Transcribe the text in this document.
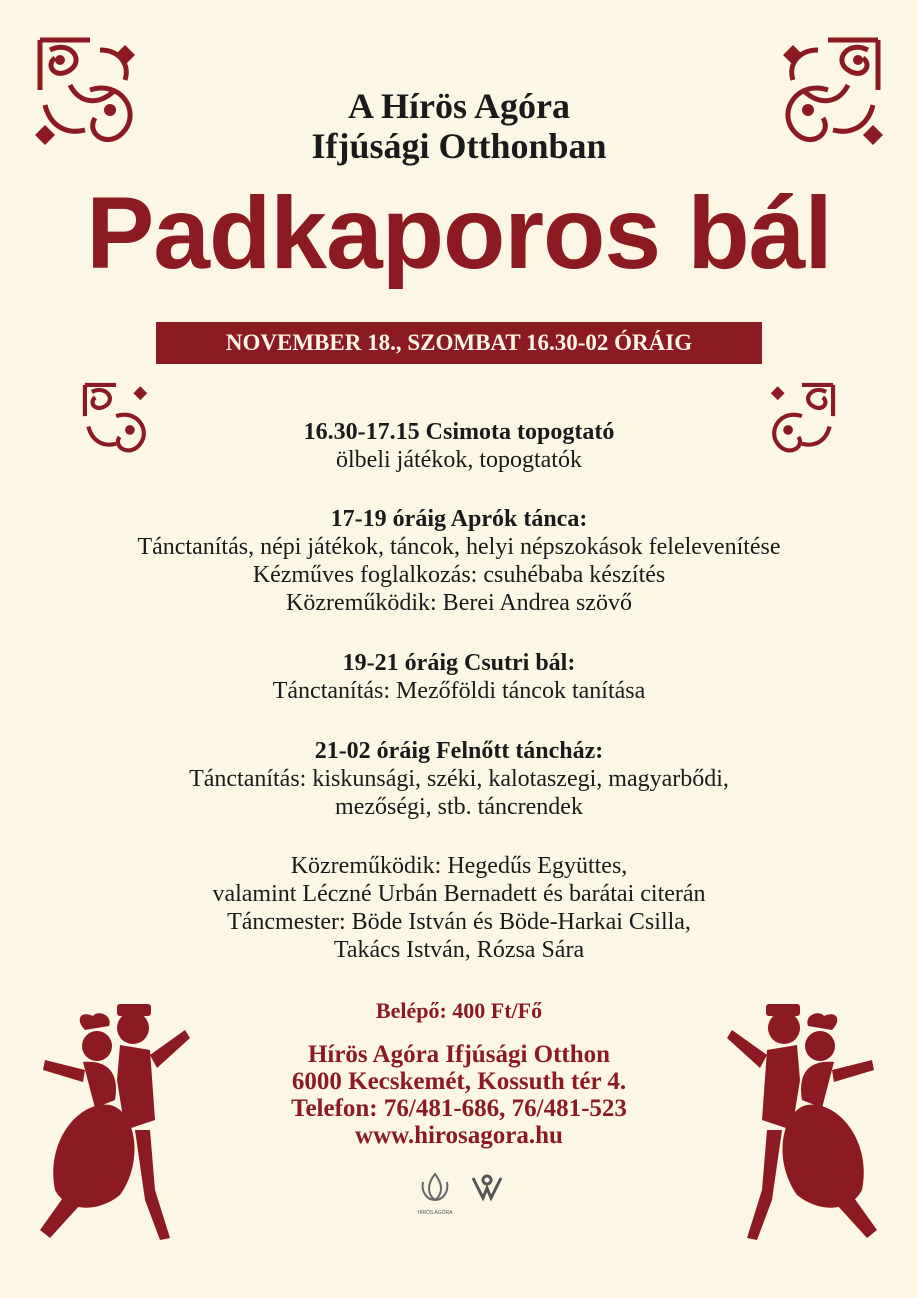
A Hírös Agóra
Ifjúsági Otthonban
Padkaporos bál
NOVEMBER 18., SZOMBAT 16.30-02 ÓRÁIG
16.30-17.15 Csimota topogtató
ölbeli játékok, topogtatók
17-19 óráig Aprók tánca:
Tánctanítás, népi játékok, táncok, helyi népszokások felelevenítése
Kézműves foglalkozás: csuhébaba készítés
Közreműködik: Berei Andrea szövő
19-21 óráig Csutri bál:
Tánctanítás: Mezőföldi táncok tanítása
21-02 óráig Felnőtt táncház:
Tánctanítás: kiskunsági, széki, kalotaszegi, magyarbődi,
mezőségi, stb. táncrendek
Közreműködik: Hegedűs Együttes,
valamint Léczné Urbán Bernadett és barátai citerán
Táncmester: Böde István és Böde-Harkai Csilla,
Takács István, Rózsa Sára
Belépő: 400 Ft/Fő
Hírös Agóra Ifjúsági Otthon
6000 Kecskemét, Kossuth tér 4.
Telefon: 76/481-686, 76/481-523
www.hirosagora.hu
HÍRÖS AGÓRA
